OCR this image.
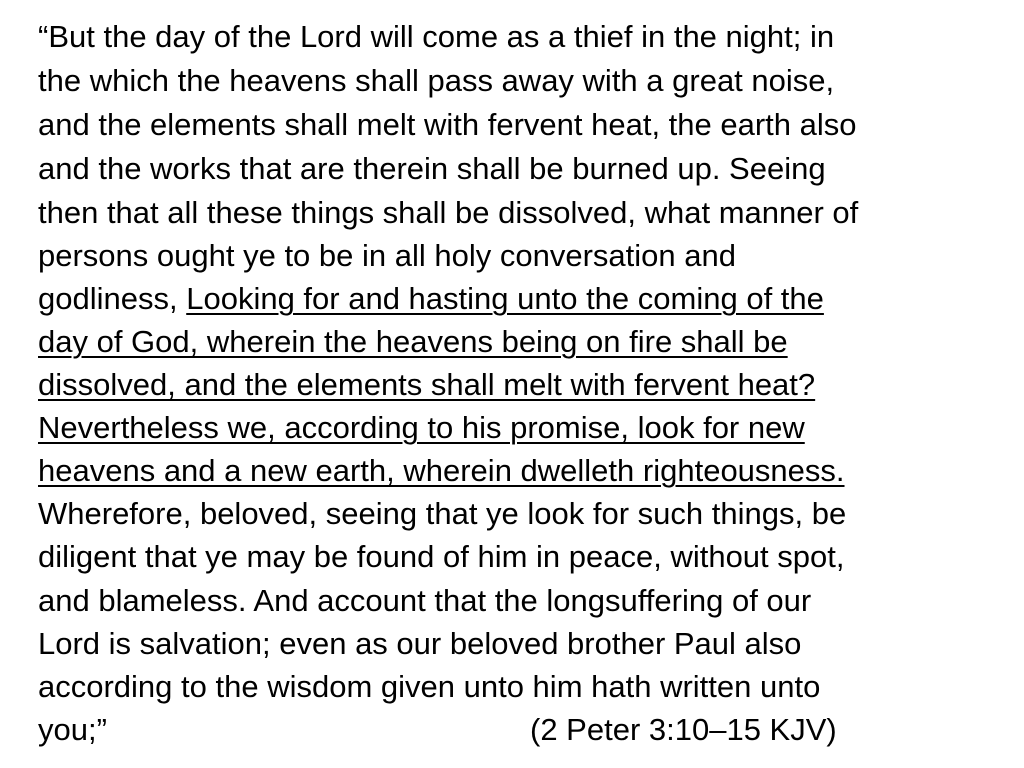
“But the day of the Lord will come as a thief in the night; in
the which the heavens shall pass away with a great noise,
and the elements shall melt with fervent heat, the earth also
and the works that are therein shall be burned up. Seeing
then that all these things shall be dissolved, what manner of
persons ought ye to be in all holy conversation and
godliness, Looking for and hasting unto the coming of the
day of God, wherein the heavens being on fire shall be
dissolved, and the elements shall melt with fervent heat?
Nevertheless we, according to his promise, look for new
heavens and a new earth, wherein dwelleth righteousness.
Wherefore, beloved, seeing that ye look for such things, be
diligent that ye may be found of him in peace, without spot,
and blameless. And account that the longsuffering of our
Lord is salvation; even as our beloved brother Paul also
according to the wisdom given unto him hath written unto
you;”	(2 Peter 3:10–15 KJV)
